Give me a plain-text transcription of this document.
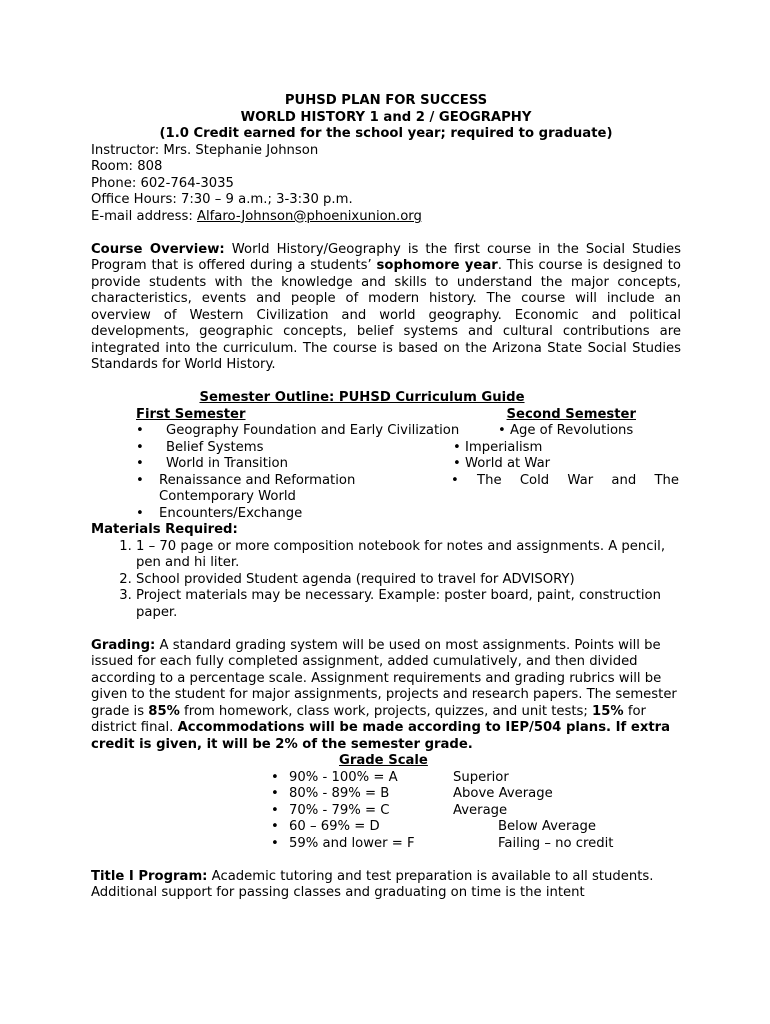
PUHSD PLAN FOR SUCCESS
WORLD HISTORY 1 and 2 / GEOGRAPHY
(1.0 Credit earned for the school year; required to graduate)
Instructor: Mrs. Stephanie Johnson
Room: 808
Phone: 602-764-3035
Office Hours: 7:30 – 9 a.m.; 3-3:30 p.m.
E-mail address: Alfaro-Johnson@phoenixunion.org

Course Overview: World History/Geography is the first course in the Social Studies Program that is offered during a students’ sophomore year. This course is designed to provide students with the knowledge and skills to understand the major concepts, characteristics, events and people of modern history. The course will include an overview of Western Civilization and world geography. Economic and political developments, geographic concepts, belief systems and cultural contributions are integrated into the curriculum. The course is based on the Arizona State Social Studies Standards for World History.

Semester Outline: PUHSD Curriculum Guide
First Semester	Second Semester
• Geography Foundation and Early Civilization	• Age of Revolutions
• Belief Systems	• Imperialism
• World in Transition	• World at War
• Renaissance and Reformation	• The Cold War and The
Contemporary World
• Encounters/Exchange
Materials Required:
1. 1 – 70 page or more composition notebook for notes and assignments. A pencil, pen and hi liter.
2. School provided Student agenda (required to travel for ADVISORY)
3. Project materials may be necessary. Example: poster board, paint, construction paper.

Grading: A standard grading system will be used on most assignments. Points will be issued for each fully completed assignment, added cumulatively, and then divided according to a percentage scale. Assignment requirements and grading rubrics will be given to the student for major assignments, projects and research papers. The semester grade is 85% from homework, class work, projects, quizzes, and unit tests; 15% for district final. Accommodations will be made according to IEP/504 plans. If extra credit is given, it will be 2% of the semester grade.

Grade Scale
• 90% - 100% = A	Superior
• 80% - 89% = B	Above Average
• 70% - 79% = C	Average
• 60 – 69% = D	Below Average
• 59% and lower = F	Failing – no credit

Title I Program: Academic tutoring and test preparation is available to all students. Additional support for passing classes and graduating on time is the intent
